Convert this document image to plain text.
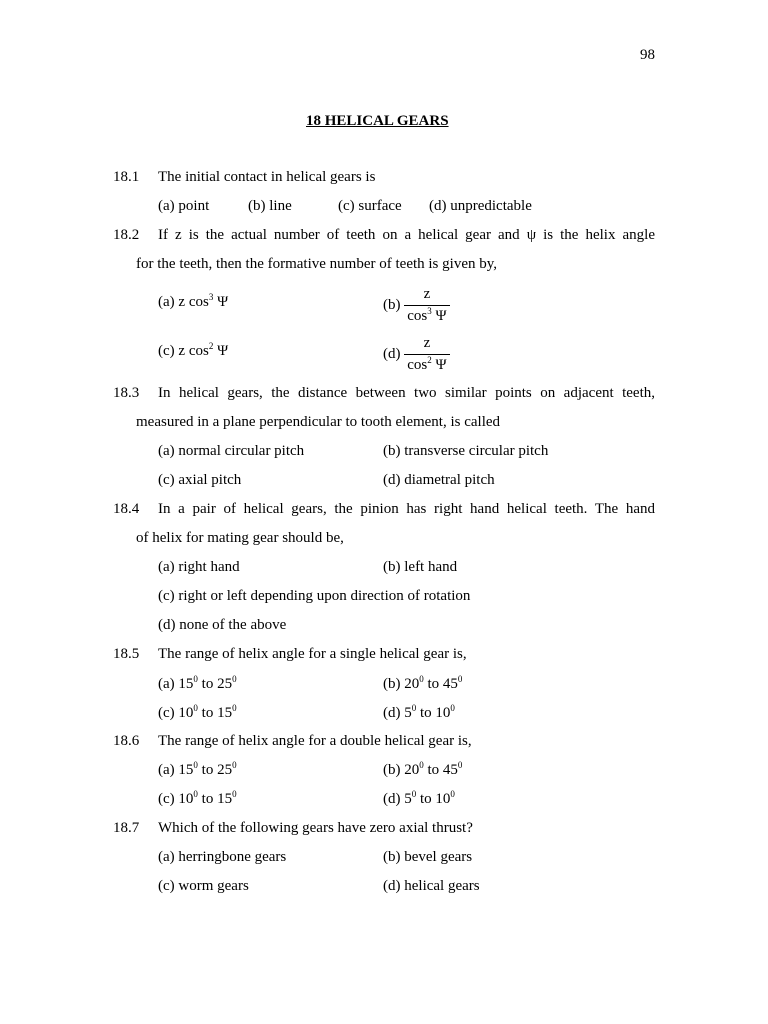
98
18 HELICAL GEARS
18.1 The initial contact in helical gears is
(a) point	(b) line	(c) surface (d) unpredictable
18.2 If z is the actual number of teeth on a helical gear and ψ is the helix angle
for the teeth, then the formative number of teeth is given by,
(a) z $\cos^3 \Psi$	$(b) \frac{z}{\cos^3 \Psi}$
(c) z $\cos^2 \Psi$	$(d) \frac{z}{\cos^2 \Psi}$
18.3 In helical gears, the distance between two similar points on adjacent teeth,
measured in a plane perpendicular to tooth element, is called
(a) normal circular pitch	(b) transverse circular pitch
(c) axial pitch	(d) diametral pitch
18.4 In a pair of helical gears, the pinion has right hand helical teeth. The hand
of helix for mating gear should be,
(a) right hand	(b) left hand
(c) right or left depending upon direction of rotation
(d) none of the above
18.5 The range of helix angle for a single helical gear is,
(a) $15^0$ to $25^0$	(b) $20^0$ to $45^0$
(c) $10^0$ to $15^0$	(d) $5^0$ to $10^0$
18.6 The range of helix angle for a double helical gear is,
(a) $15^0$ to $25^0$	(b) $20^0$ to $45^0$
(c) $10^0$ to $15^0$	(d) $5^0$ to $10^0$
18.7 Which of the following gears have zero axial thrust?
(a) herringbone gears	(b) bevel gears
(c) worm gears	(d) helical gears
